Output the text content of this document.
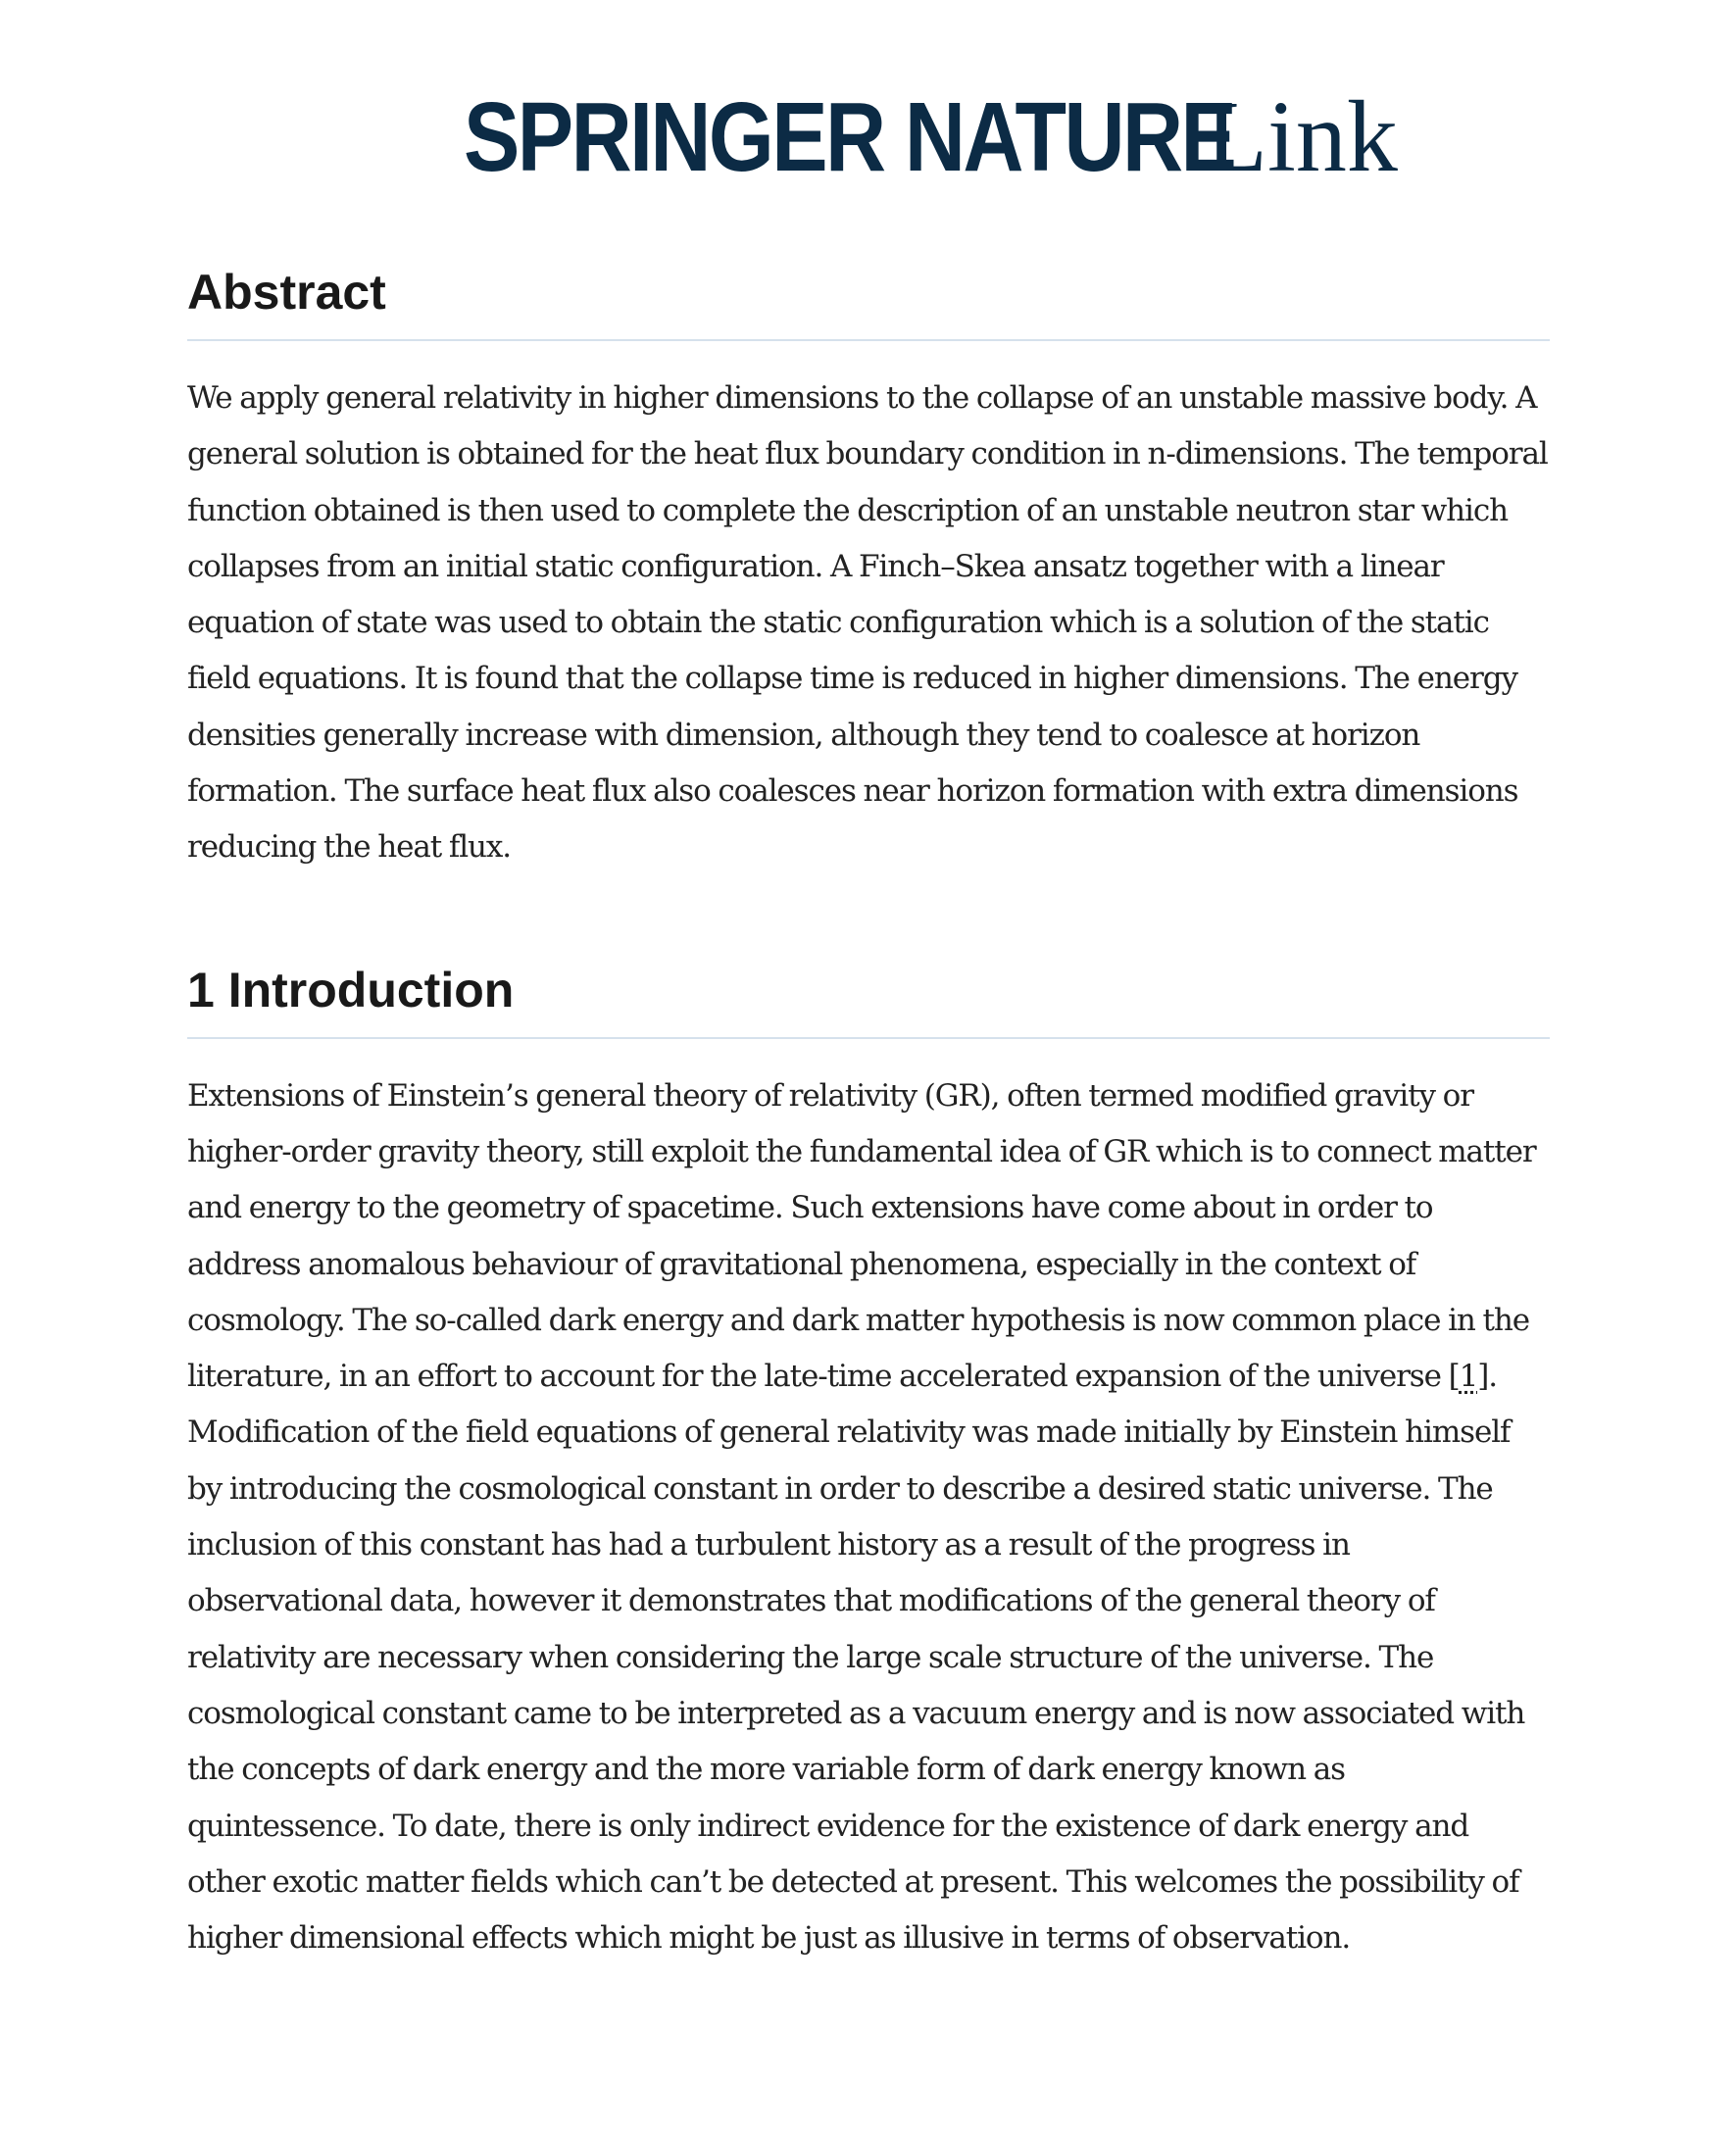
SPRINGER NATURELink
Abstract

We apply general relativity in higher dimensions to the collapse of an unstable massive body. A general solution is obtained for the heat flux boundary condition in n-dimensions. The temporal function obtained is then used to complete the description of an unstable neutron star which collapses from an initial static configuration. A Finch–Skea ansatz together with a linear equation of state was used to obtain the static configuration which is a solution of the static field equations. It is found that the collapse time is reduced in higher dimensions. The energy densities generally increase with dimension, although they tend to coalesce at horizon formation. The surface heat flux also coalesces near horizon formation with extra dimensions reducing the heat flux.

1 Introduction

Extensions of Einstein’s general theory of relativity (GR), often termed modified gravity or higher-order gravity theory, still exploit the fundamental idea of GR which is to connect matter and energy to the geometry of spacetime. Such extensions have come about in order to address anomalous behaviour of gravitational phenomena, especially in the context of cosmology. The so-called dark energy and dark matter hypothesis is now common place in the literature, in an effort to account for the late-time accelerated expansion of the universe [1]. Modification of the field equations of general relativity was made initially by Einstein himself by introducing the cosmological constant in order to describe a desired static universe. The inclusion of this constant has had a turbulent history as a result of the progress in observational data, however it demonstrates that modifications of the general theory of relativity are necessary when considering the large scale structure of the universe. The cosmological constant came to be interpreted as a vacuum energy and is now associated with the concepts of dark energy and the more variable form of dark energy known as quintessence. To date, there is only indirect evidence for the existence of dark energy and other exotic matter fields which can’t be detected at present. This welcomes the possibility of higher dimensional effects which might be just as illusive in terms of observation.
